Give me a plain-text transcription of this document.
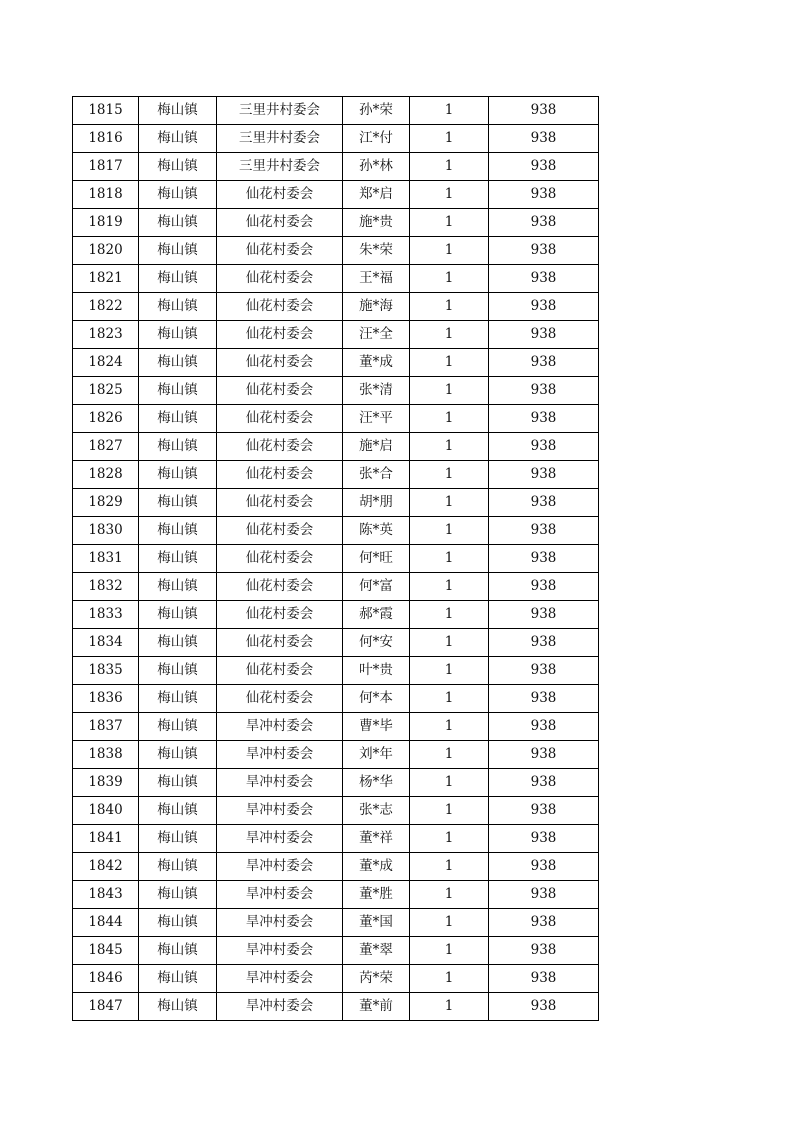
1815	梅山镇	三里井村委会	孙*荣	1	938
1816	梅山镇	三里井村委会	江*付	1	938
1817	梅山镇	三里井村委会	孙*林	1	938
1818	梅山镇	仙花村委会	郑*启	1	938
1819	梅山镇	仙花村委会	施*贵	1	938
1820	梅山镇	仙花村委会	朱*荣	1	938
1821	梅山镇	仙花村委会	王*福	1	938
1822	梅山镇	仙花村委会	施*海	1	938
1823	梅山镇	仙花村委会	汪*全	1	938
1824	梅山镇	仙花村委会	董*成	1	938
1825	梅山镇	仙花村委会	张*清	1	938
1826	梅山镇	仙花村委会	汪*平	1	938
1827	梅山镇	仙花村委会	施*启	1	938
1828	梅山镇	仙花村委会	张*合	1	938
1829	梅山镇	仙花村委会	胡*朋	1	938
1830	梅山镇	仙花村委会	陈*英	1	938
1831	梅山镇	仙花村委会	何*旺	1	938
1832	梅山镇	仙花村委会	何*富	1	938
1833	梅山镇	仙花村委会	郝*霞	1	938
1834	梅山镇	仙花村委会	何*安	1	938
1835	梅山镇	仙花村委会	叶*贵	1	938
1836	梅山镇	仙花村委会	何*本	1	938
1837	梅山镇	旱冲村委会	曹*毕	1	938
1838	梅山镇	旱冲村委会	刘*年	1	938
1839	梅山镇	旱冲村委会	杨*华	1	938
1840	梅山镇	旱冲村委会	张*志	1	938
1841	梅山镇	旱冲村委会	董*祥	1	938
1842	梅山镇	旱冲村委会	董*成	1	938
1843	梅山镇	旱冲村委会	董*胜	1	938
1844	梅山镇	旱冲村委会	董*国	1	938
1845	梅山镇	旱冲村委会	董*翠	1	938
1846	梅山镇	旱冲村委会	芮*荣	1	938
1847	梅山镇	旱冲村委会	董*前	1	938
